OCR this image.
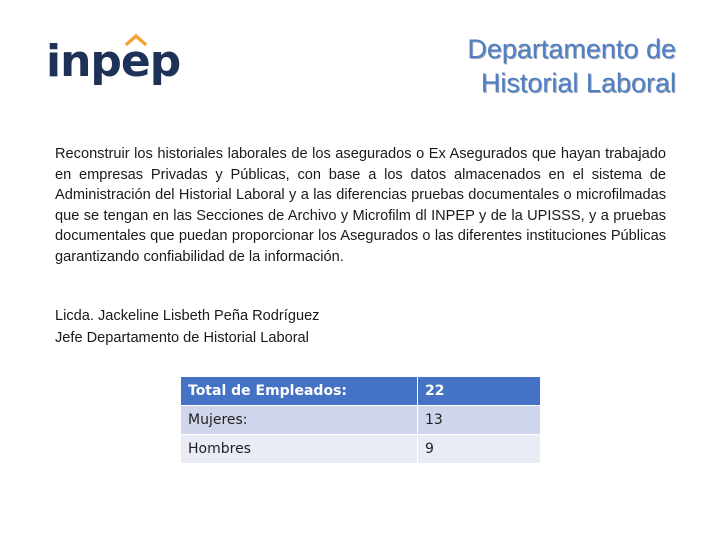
inp
ep	Departamento de
Historial Laboral
Reconstruir los historiales laborales de los asegurados o Ex Asegurados que hayan trabajado en empresas Privadas y Públicas, con base a los datos almacenados en el sistema de Administración del Historial Laboral y a las diferencias pruebas documentales o microfilmadas que se tengan en las Secciones de Archivo y Microfilm dl INPEP y de la UPISSS, y a pruebas documentales que puedan proporcionar los Asegurados o las diferentes instituciones Públicas garantizando confiabilidad de la información.
Licda. Jackeline Lisbeth Peña Rodríguez
Jefe Departamento de Historial Laboral
Total de Empleados:	22
Mujeres:	13
Hombres	9
